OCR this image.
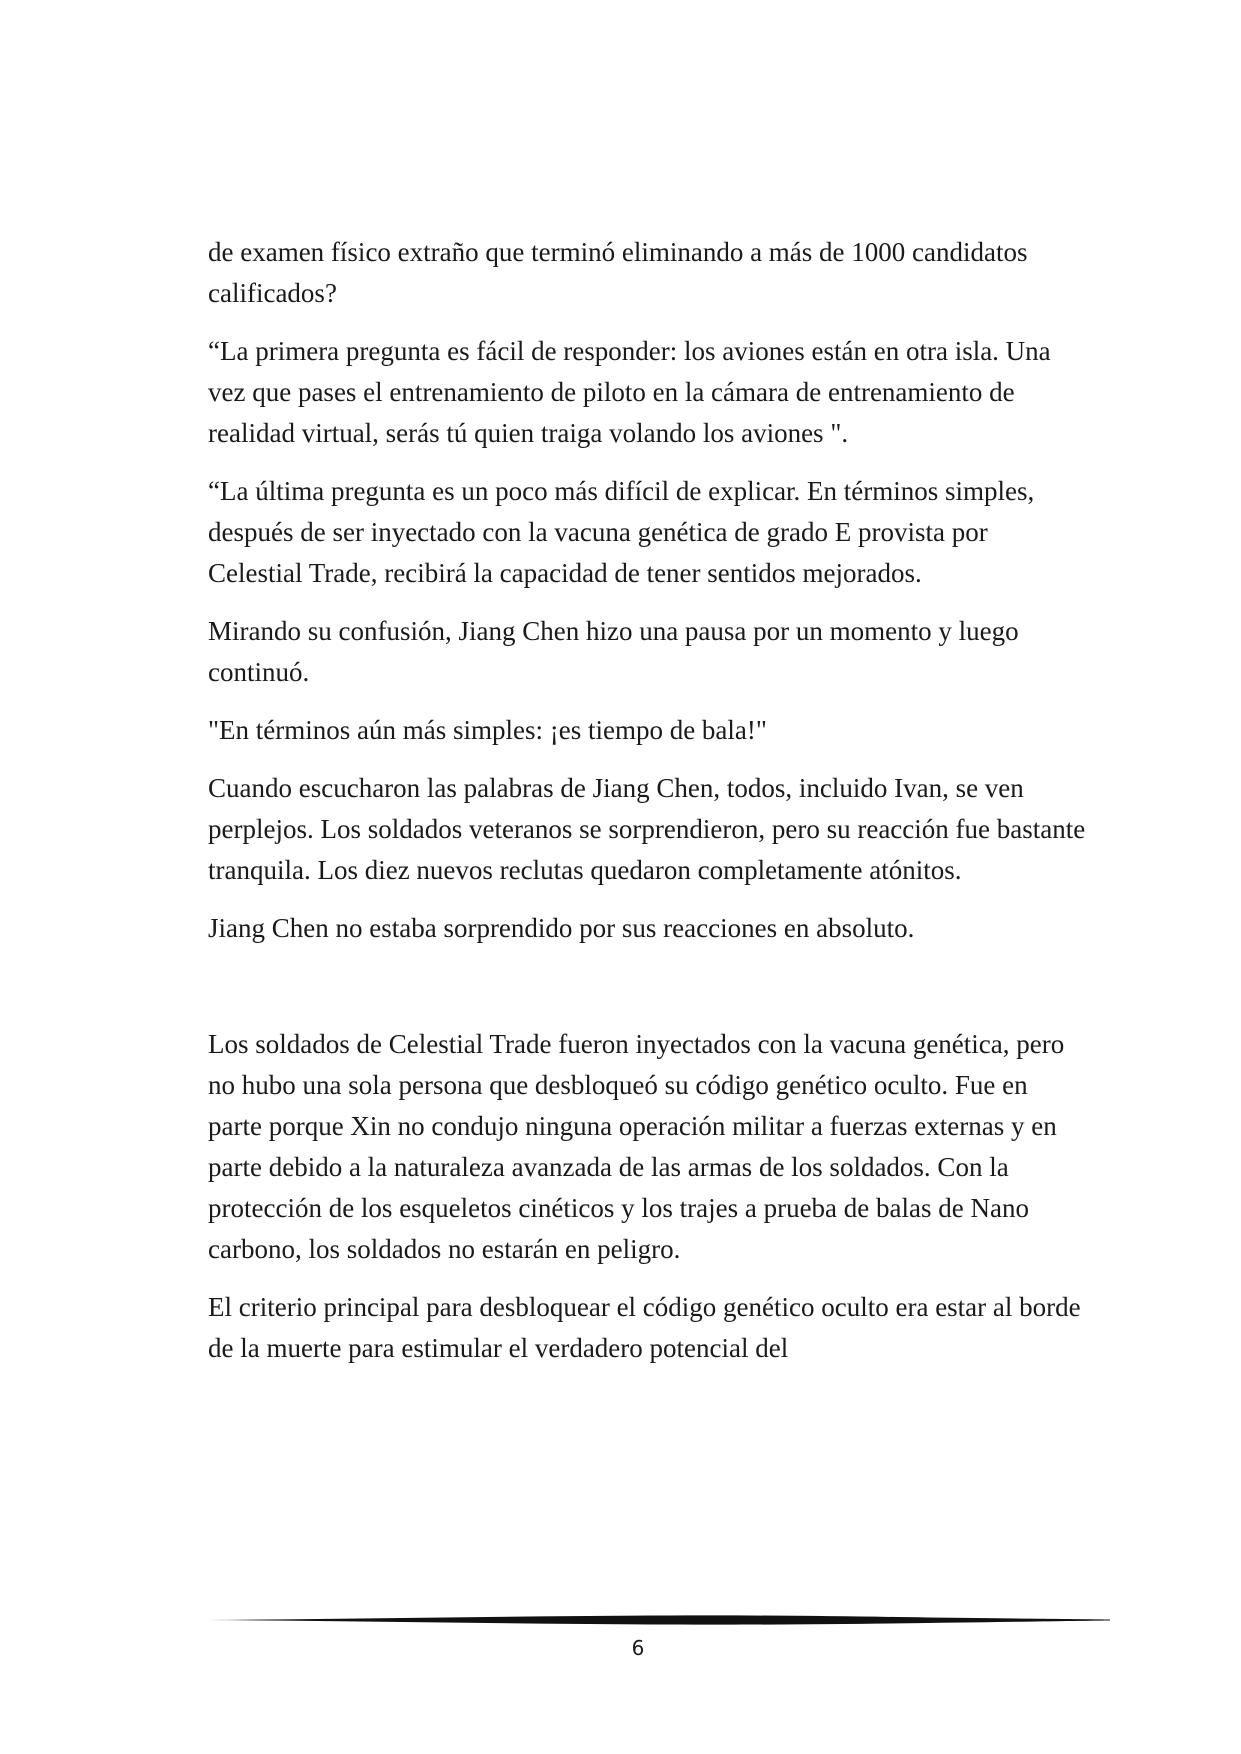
de examen físico extraño que terminó eliminando a más de 1000 candidatos calificados?

“La primera pregunta es fácil de responder: los aviones están en otra isla. Una vez que pases el entrenamiento de piloto en la cámara de entrenamiento de realidad virtual, serás tú quien traiga volando los aviones ".

“La última pregunta es un poco más difícil de explicar. En términos simples, después de ser inyectado con la vacuna genética de grado E provista por Celestial Trade, recibirá la capacidad de tener sentidos mejorados.

Mirando su confusión, Jiang Chen hizo una pausa por un momento y luego continuó.

"En términos aún más simples: ¡es tiempo de bala!"

Cuando escucharon las palabras de Jiang Chen, todos, incluido Ivan, se ven perplejos. Los soldados veteranos se sorprendieron, pero su reacción fue bastante tranquila. Los diez nuevos reclutas quedaron completamente atónitos.

Jiang Chen no estaba sorprendido por sus reacciones en absoluto.

Los soldados de Celestial Trade fueron inyectados con la vacuna genética, pero no hubo una sola persona que desbloqueó su código genético oculto. Fue en parte porque Xin no condujo ninguna operación militar a fuerzas externas y en parte debido a la naturaleza avanzada de las armas de los soldados. Con la protección de los esqueletos cinéticos y los trajes a prueba de balas de Nano carbono, los soldados no estarán en peligro.

El criterio principal para desbloquear el código genético oculto era estar al borde de la muerte para estimular el verdadero potencial del

6
